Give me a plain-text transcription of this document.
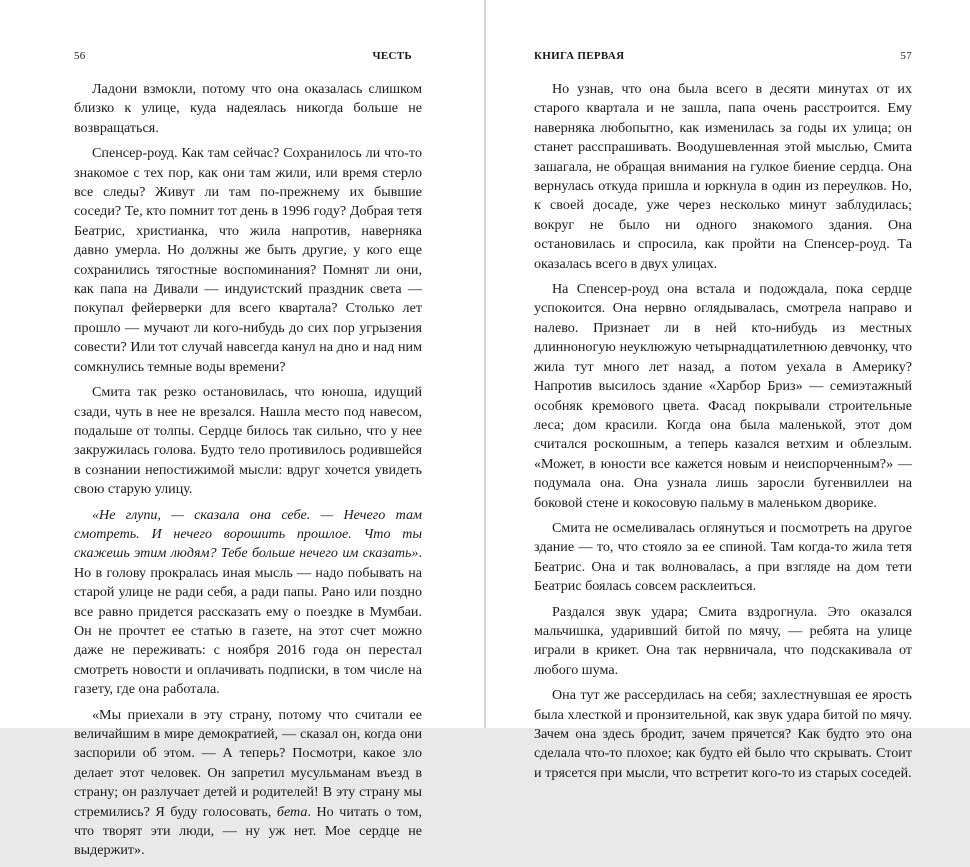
56	ЧЕСТЬ

Ладони взмокли, потому что она оказалась слишком близко к улице, куда надеялась никогда больше не возвращаться.

Спенсер-роуд. Как там сейчас? Сохранилось ли что-то знакомое с тех пор, как они там жили, или время стерло все следы? Живут ли там по-прежнему их бывшие соседи? Те, кто помнит тот день в 1996 году? Добрая тетя Беатрис, христианка, что жила напротив, наверняка давно умерла. Но должны же быть другие, у кого еще сохранились тягостные воспоминания? Помнят ли они, как папа на Дивали — индуистский праздник света — покупал фейерверки для всего квартала? Столько лет прошло — мучают ли кого-нибудь до сих пор угрызения совести? Или тот случай навсегда канул на дно и над ним сомкнулись темные воды времени?

Смита так резко остановилась, что юноша, идущий сзади, чуть в нее не врезался. Нашла место под навесом, подальше от толпы. Сердце билось так сильно, что у нее закружилась голова. Будто тело противилось родившейся в сознании непостижимой мысли: вдруг хочется увидеть свою старую улицу.

«Не глупи, — сказала она себе. — Нечего там смотреть. И нечего ворошить прошлое. Что ты скажешь этим людям? Тебе больше нечего им сказать». Но в голову прокралась иная мысль — надо побывать на старой улице не ради себя, а ради папы. Рано или поздно все равно придется рассказать ему о поездке в Мумбаи. Он не прочтет ее статью в газете, на этот счет можно даже не переживать: с ноября 2016 года он перестал смотреть новости и оплачивать подписки, в том числе на газету, где она работала.

«Мы приехали в эту страну, потому что считали ее величайшим в мире демократией, — сказал он, когда они заспорили об этом. — А теперь? Посмотри, какое зло делает этот человек. Он запретил мусульманам въезд в страну; он разлучает детей и родителей! В эту страну мы стремились? Я буду голосовать, бета. Но читать о том, что творят эти люди, — ну уж нет. Мое сердце не выдержит».

КНИГА ПЕРВАЯ	57

Но узнав, что она была всего в десяти минутах от их старого квартала и не зашла, папа очень расстроится. Ему наверняка любопытно, как изменилась за годы их улица; он станет расспрашивать. Воодушевленная этой мыслью, Смита зашагала, не обращая внимания на гулкое биение сердца. Она вернулась откуда пришла и юркнула в один из переулков. Но, к своей досаде, уже через несколько минут заблудилась; вокруг не было ни одного знакомого здания. Она остановилась и спросила, как пройти на Спенсер-роуд. Та оказалась всего в двух улицах.

На Спенсер-роуд она встала и подождала, пока сердце успокоится. Она нервно оглядывалась, смотрела направо и налево. Признает ли в ней кто-нибудь из местных длинноногую неуклюжую четырнадцатилетнюю девчонку, что жила тут много лет назад, а потом уехала в Америку? Напротив высилось здание «Харбор Бриз» — семиэтажный особняк кремового цвета. Фасад покрывали строительные леса; дом красили. Когда она была маленькой, этот дом считался роскошным, а теперь казался ветхим и облезлым. «Может, в юности все кажется новым и неиспорченным?» — подумала она. Она узнала лишь заросли бугенвиллеи на боковой стене и кокосовую пальму в маленьком дворике.

Смита не осмеливалась оглянуться и посмотреть на другое здание — то, что стояло за ее спиной. Там когда-то жила тетя Беатрис. Она и так волновалась, а при взгляде на дом тети Беатрис боялась совсем расклеиться.

Раздался звук удара; Смита вздрогнула. Это оказался мальчишка, ударивший битой по мячу, — ребята на улице играли в крикет. Она так нервничала, что подскакивала от любого шума.

Она тут же рассердилась на себя; захлестнувшая ее ярость была хлесткой и пронзительной, как звук удара битой по мячу. Зачем она здесь бродит, зачем прячется? Как будто это она сделала что-то плохое; как будто ей было что скрывать. Стоит и трясется при мысли, что встретит кого-то из старых соседей.
